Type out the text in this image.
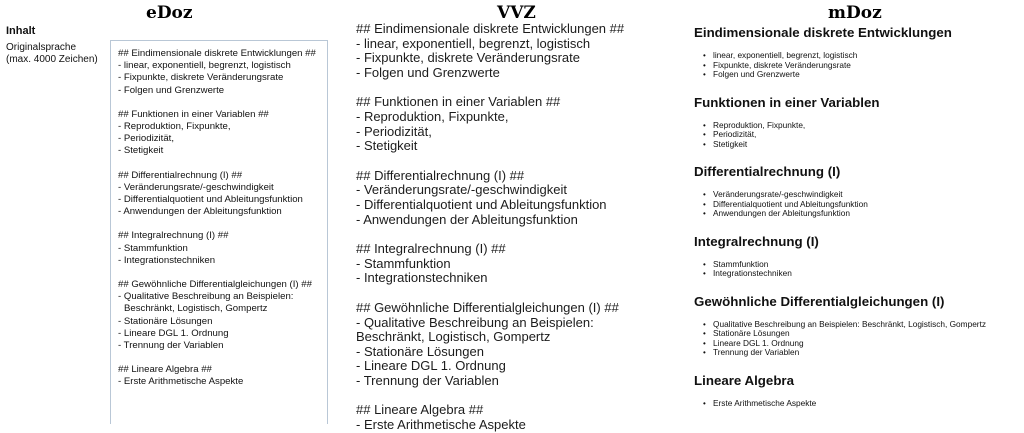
eDoz	VVZ	mDoz
Inhalt
Originalsprache
(max. 4000 Zeichen)
## Eindimensionale diskrete Entwicklungen ##
- linear, exponentiell, begrenzt, logistisch
- Fixpunkte, diskrete Veränderungsrate
- Folgen und Grenzwerte
## Funktionen in einer Variablen ##
- Reproduktion, Fixpunkte,
- Periodizität,
- Stetigkeit
## Differentialrechnung (I) ##
- Veränderungsrate/-geschwindigkeit
- Differentialquotient und Ableitungsfunktion
- Anwendungen der Ableitungsfunktion
## Integralrechnung (I) ##
- Stammfunktion
- Integrationstechniken
## Gewöhnliche Differentialgleichungen (I) ##
- Qualitative Beschreibung an Beispielen:
Beschränkt, Logistisch, Gompertz
- Stationäre Lösungen
- Lineare DGL 1. Ordnung
- Trennung der Variablen
## Lineare Algebra ##
- Erste Arithmetische Aspekte
## Eindimensionale diskrete Entwicklungen ##
- linear, exponentiell, begrenzt, logistisch
- Fixpunkte, diskrete Veränderungsrate
- Folgen und Grenzwerte
## Funktionen in einer Variablen ##
- Reproduktion, Fixpunkte,
- Periodizität,
- Stetigkeit
## Differentialrechnung (I) ##
- Veränderungsrate/-geschwindigkeit
- Differentialquotient und Ableitungsfunktion
- Anwendungen der Ableitungsfunktion
## Integralrechnung (I) ##
- Stammfunktion
- Integrationstechniken
## Gewöhnliche Differentialgleichungen (I) ##
- Qualitative Beschreibung an Beispielen:
Beschränkt, Logistisch, Gompertz
- Stationäre Lösungen
- Lineare DGL 1. Ordnung
- Trennung der Variablen
## Lineare Algebra ##
- Erste Arithmetische Aspekte
Eindimensionale diskrete Entwicklungen
• linear, exponentiell, begrenzt, logistisch
• Fixpunkte, diskrete Veränderungsrate
• Folgen und Grenzwerte
Funktionen in einer Variablen
• Reproduktion, Fixpunkte,
• Periodizität,
• Stetigkeit
Differentialrechnung (I)
• Veränderungsrate/-geschwindigkeit
• Differentialquotient und Ableitungsfunktion
• Anwendungen der Ableitungsfunktion
Integralrechnung (I)
• Stammfunktion
• Integrationstechniken
Gewöhnliche Differentialgleichungen (I)
• Qualitative Beschreibung an Beispielen: Beschränkt, Logistisch, Gompertz
• Stationäre Lösungen
• Lineare DGL 1. Ordnung
• Trennung der Variablen
Lineare Algebra
• Erste Arithmetische Aspekte
